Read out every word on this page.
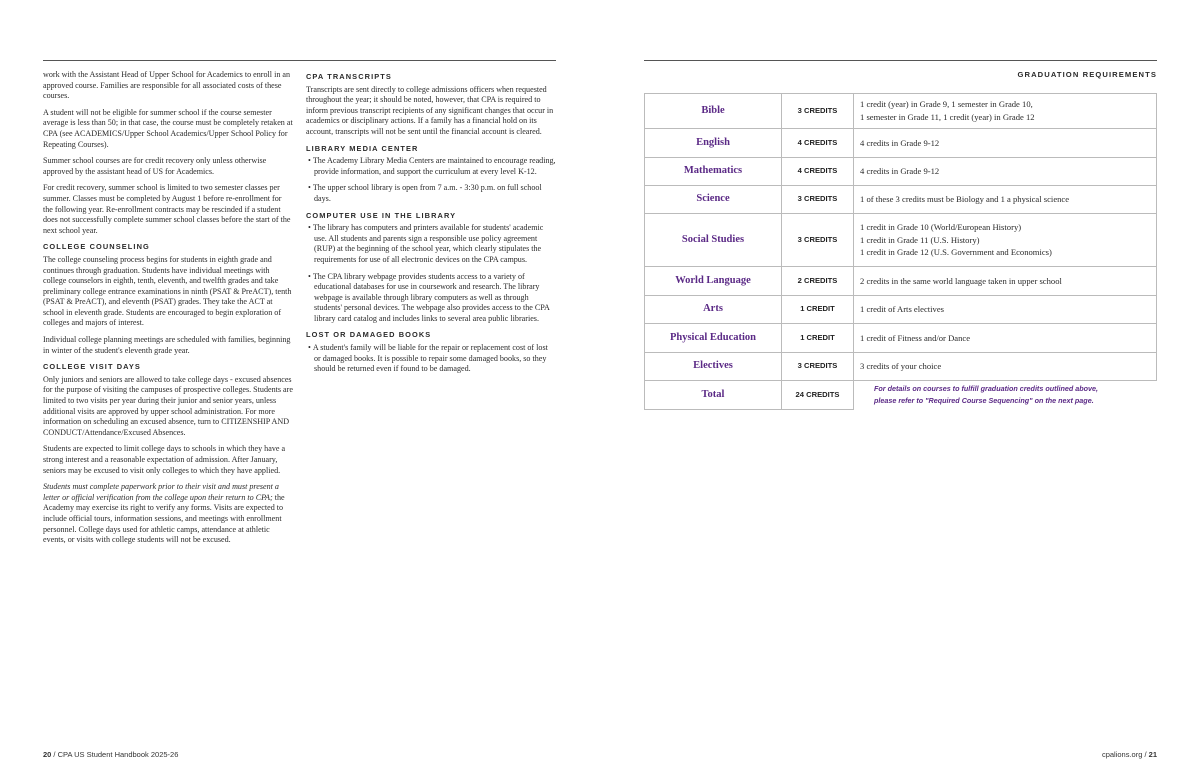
work with the Assistant Head of Upper School for Academics to enroll in an approved course. Families are responsible for all associated costs of these courses.

A student will not be eligible for summer school if the course semester average is less than 50; in that case, the course must be completely retaken at CPA (see ACADEMICS/Upper School Academics/Upper School Policy for Repeating Courses).

Summer school courses are for credit recovery only unless otherwise approved by the assistant head of US for Academics.

For credit recovery, summer school is limited to two semester classes per summer. Classes must be completed by August 1 before re-enrollment for the following year. Re-enrollment contracts may be rescinded if a student does not successfully complete summer school classes before the start of the next school year.

COLLEGE COUNSELING

The college counseling process begins for students in eighth grade and continues through graduation. Students have individual meetings with college counselors in eighth, tenth, eleventh, and twelfth grades and take preliminary college entrance examinations in ninth (PSAT & PreACT), tenth (PSAT & PreACT), and eleventh (PSAT) grades. They take the ACT at school in eleventh grade. Students are encouraged to begin exploration of colleges and majors of interest.

Individual college planning meetings are scheduled with families, beginning in winter of the student's eleventh grade year.

COLLEGE VISIT DAYS

Only juniors and seniors are allowed to take college days - excused absences for the purpose of visiting the campuses of prospective colleges. Students are limited to two visits per year during their junior and senior years, unless additional visits are approved by upper school administration. For more information on scheduling an excused absence, turn to CITIZENSHIP AND CONDUCT/Attendance/Excused Absences.

Students are expected to limit college days to schools in which they have a strong interest and a reasonable expectation of admission. After January, seniors may be excused to visit only colleges to which they have applied.

Students must complete paperwork prior to their visit and must present a letter or official verification from the college upon their return to CPA; the Academy may exercise its right to verify any forms. Visits are expected to include official tours, information sessions, and meetings with enrollment personnel. College days used for athletic camps, attendance at athletic events, or visits with college students will not be excused.

CPA TRANSCRIPTS

Transcripts are sent directly to college admissions officers when requested throughout the year; it should be noted, however, that CPA is required to inform previous transcript recipients of any significant changes that occur in academics or disciplinary actions. If a family has a financial hold on its account, transcripts will not be sent until the financial account is cleared.

LIBRARY MEDIA CENTER

• The Academy Library Media Centers are maintained to encourage reading, provide information, and support the curriculum at every level K-12.

• The upper school library is open from 7 a.m. - 3:30 p.m. on full school days.

COMPUTER USE IN THE LIBRARY

• The library has computers and printers available for students' academic use. All students and parents sign a responsible use policy agreement (RUP) at the beginning of the school year, which clearly stipulates the requirements for use of all electronic devices on the CPA campus.

• The CPA library webpage provides students access to a variety of educational databases for use in coursework and research. The library webpage is available through library computers as well as through students' personal devices. The webpage also provides access to the CPA library card catalog and includes links to several area public libraries.

LOST OR DAMAGED BOOKS

• A student's family will be liable for the repair or replacement cost of lost or damaged books. It is possible to repair some damaged books, so they should be returned even if found to be damaged.

20 / CPA US Student Handbook 2025-26	cpalions.org / 21
GRADUATION REQUIREMENTS
Bible	3 CREDITS	1 credit (year) in Grade 9, 1 semester in Grade 10,
1 semester in Grade 11, 1 credit (year) in Grade 12

English	4 CREDITS	4 credits in Grade 9-12

Mathematics	4 CREDITS	4 credits in Grade 9-12

Science	3 CREDITS	1 of these 3 credits must be Biology and 1 a physical science

Social Studies	3 CREDITS	1 credit in Grade 10 (World/European History)
1 credit in Grade 11 (U.S. History)
1 credit in Grade 12 (U.S. Government and Economics)

World Language	2 CREDITS	2 credits in the same world language taken in upper school

Arts	1 CREDIT	1 credit of Arts electives

Physical Education	1 CREDIT	1 credit of Fitness and/or Dance

Electives	3 CREDITS	3 credits of your choice

Total	24 CREDITS	For details on courses to fulfill graduation credits outlined above,
please refer to "Required Course Sequencing" on the next page.
